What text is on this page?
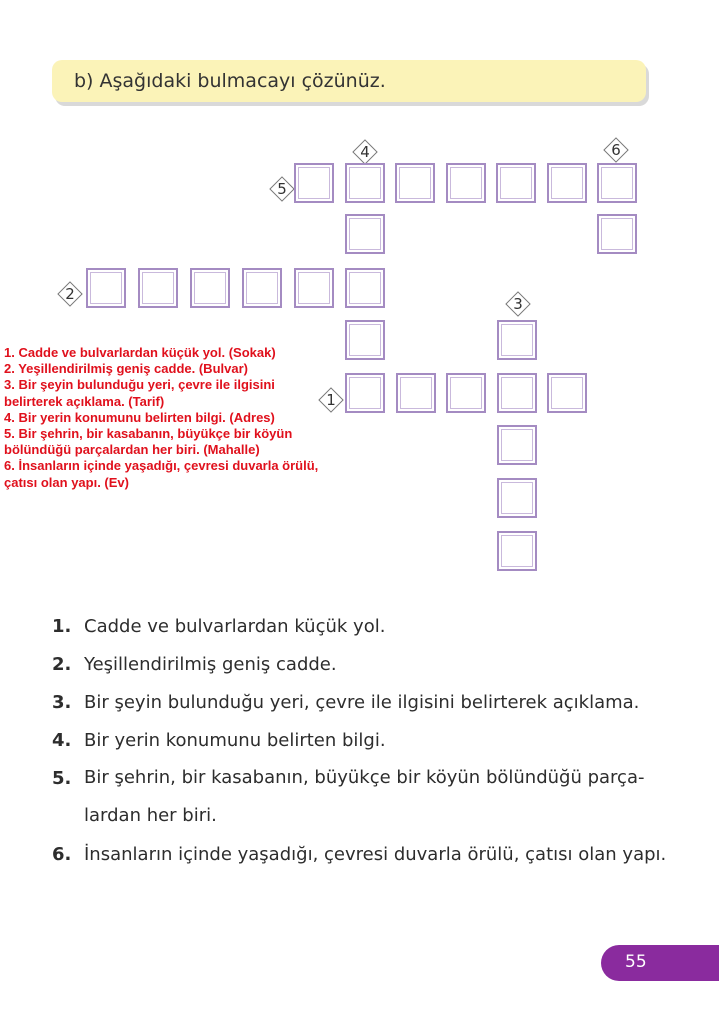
b) Aşağıdaki bulmacayı çözünüz.
4	6
5
2
3
1
1. Cadde ve bulvarlardan küçük yol. (Sokak)
2. Yeşillendirilmiş geniş cadde. (Bulvar)
3. Bir şeyin bulunduğu yeri, çevre ile ilgisini belirterek açıklama. (Tarif)
4. Bir yerin konumunu belirten bilgi. (Adres)
5. Bir şehrin, bir kasabanın, büyükçe bir köyün bölündüğü parçalardan her biri. (Mahalle)
6. İnsanların içinde yaşadığı, çevresi duvarla örülü, çatısı olan yapı. (Ev)
1. Cadde ve bulvarlardan küçük yol.
2. Yeşillendirilmiş geniş cadde.
3. Bir şeyin bulunduğu yeri, çevre ile ilgisini belirterek açıklama.
4. Bir yerin konumunu belirten bilgi.
5. Bir şehrin, bir kasabanın, büyükçe bir köyün bölündüğü parça-lardan her biri.
6. İnsanların içinde yaşadığı, çevresi duvarla örülü, çatısı olan yapı.
55
